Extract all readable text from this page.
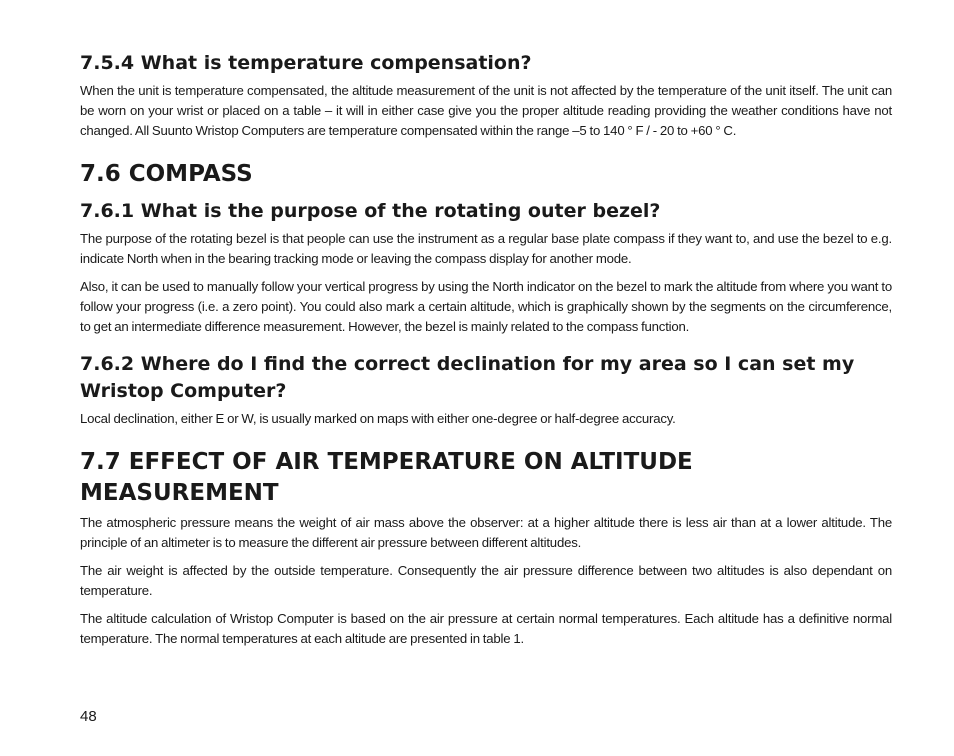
7.5.4 What is temperature compensation?

When the unit is temperature compensated, the altitude measurement of the unit is not affected by the temperature of the unit itself. The unit can be worn on your wrist or placed on a table – it will in either case give you the proper altitude reading providing the weather conditions have not changed. All Suunto Wristop Computers are temperature compensated within the range –5 to 140 ° F / - 20 to +60 ° C.

7.6 COMPASS
7.6.1 What is the purpose of the rotating outer bezel?

The purpose of the rotating bezel is that people can use the instrument as a regular base plate compass if they want to, and use the bezel to e.g. indicate North when in the bearing tracking mode or leaving the compass display for another mode.

Also, it can be used to manually follow your vertical progress by using the North indicator on the bezel to mark the altitude from where you want to follow your progress (i.e. a zero point). You could also mark a certain altitude, which is graphically shown by the segments on the circumference, to get an intermediate difference measurement. However, the bezel is mainly related to the compass function.

7.6.2 Where do I find the correct declination for my area so I can set my Wristop Computer?

Local declination, either E or W, is usually marked on maps with either one-degree or half-degree accuracy.

7.7 EFFECT OF AIR TEMPERATURE ON ALTITUDE MEASUREMENT

The atmospheric pressure means the weight of air mass above the observer: at a higher altitude there is less air than at a lower altitude. The principle of an altimeter is to measure the different air pressure between different altitudes.

The air weight is affected by the outside temperature. Consequently the air pressure difference between two altitudes is also dependant on temperature.

The altitude calculation of Wristop Computer is based on the air pressure at certain normal temperatures. Each altitude has a definitive normal temperature. The normal temperatures at each altitude are presented in table 1.

48
